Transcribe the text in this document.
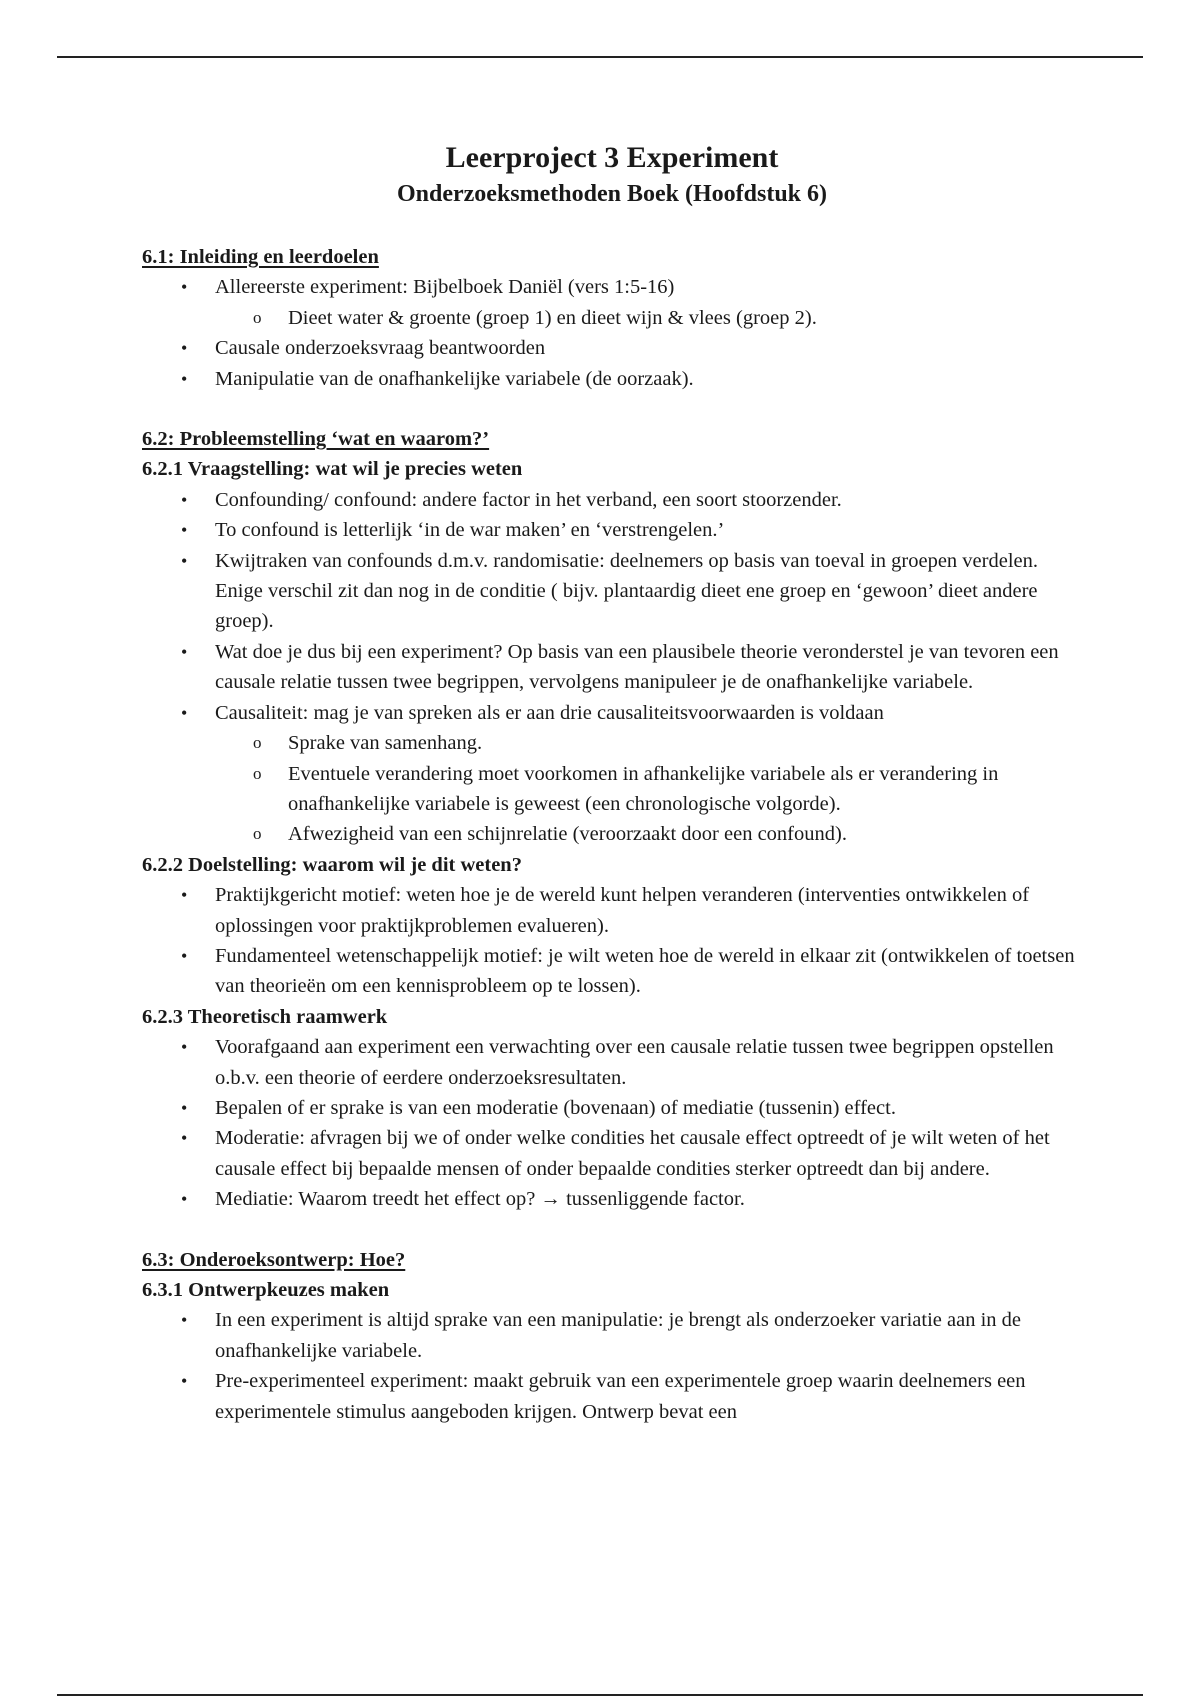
Leerproject 3 Experiment
Onderzoeksmethoden Boek (Hoofdstuk 6)

6.1: Inleiding en leerdoelen

• Allereerste experiment: Bijbelboek Daniël (vers 1:5-16)
o Dieet water & groente (groep 1) en dieet wijn & vlees (groep 2).
• Causale onderzoeksvraag beantwoorden
• Manipulatie van de onafhankelijke variabele (de oorzaak).

6.2: Probleemstelling ‘wat en waarom?’

6.2.1 Vraagstelling: wat wil je precies weten

• Confounding/ confound: andere factor in het verband, een soort stoorzender.
• To confound is letterlijk ‘in de war maken’ en ‘verstrengelen.’
• Kwijtraken van confounds d.m.v. randomisatie: deelnemers op basis van toeval in groepen verdelen. Enige verschil zit dan nog in de conditie ( bijv. plantaardig dieet ene groep en ‘gewoon’ dieet andere groep).
• Wat doe je dus bij een experiment? Op basis van een plausibele theorie veronderstel je van tevoren een causale relatie tussen twee begrippen, vervolgens manipuleer je de onafhankelijke variabele.
• Causaliteit: mag je van spreken als er aan drie causaliteitsvoorwaarden is voldaan
o Sprake van samenhang.
o Eventuele verandering moet voorkomen in afhankelijke variabele als er verandering in onafhankelijke variabele is geweest (een chronologische volgorde).
o Afwezigheid van een schijnrelatie (veroorzaakt door een confound).

6.2.2 Doelstelling: waarom wil je dit weten?

• Praktijkgericht motief: weten hoe je de wereld kunt helpen veranderen (interventies ontwikkelen of oplossingen voor praktijkproblemen evalueren).
• Fundamenteel wetenschappelijk motief: je wilt weten hoe de wereld in elkaar zit (ontwikkelen of toetsen van theorieën om een kennisprobleem op te lossen).

6.2.3 Theoretisch raamwerk

• Voorafgaand aan experiment een verwachting over een causale relatie tussen twee begrippen opstellen o.b.v. een theorie of eerdere onderzoeksresultaten.
• Bepalen of er sprake is van een moderatie (bovenaan) of mediatie (tussenin) effect.
• Moderatie: afvragen bij we of onder welke condities het causale effect optreedt of je wilt weten of het causale effect bij bepaalde mensen of onder bepaalde condities sterker optreedt dan bij andere.
• Mediatie: Waarom treedt het effect op? → tussenliggende factor.

6.3: Onderoeksontwerp: Hoe?

6.3.1 Ontwerpkeuzes maken

• In een experiment is altijd sprake van een manipulatie: je brengt als onderzoeker variatie aan in de onafhankelijke variabele.
• Pre-experimenteel experiment: maakt gebruik van een experimentele groep waarin deelnemers een experimentele stimulus aangeboden krijgen. Ontwerp bevat een
